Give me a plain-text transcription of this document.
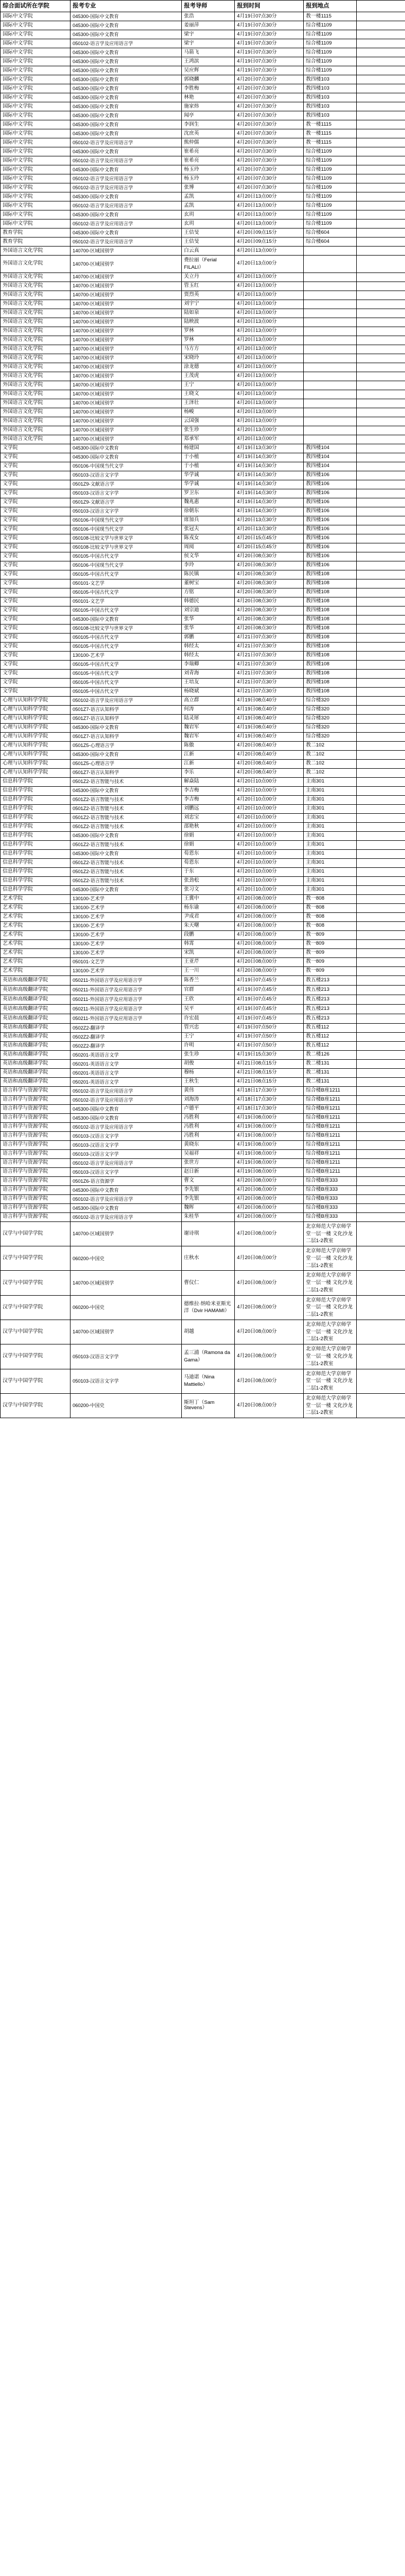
综合面试所在学院	报考专业	报考导师	报到时间	报到地点	
国际中文学院	045300-国际中文教育	张浩	4月19日07点30分	教一楼1115	
国际中文学院	045300-国际中文教育	姜丽萍	4月19日07点30分	综合楼1109	
国际中文学院	045300-国际中文教育	梁宇	4月19日07点30分	综合楼1109	
国际中文学院	050102-语言学及应用语言学	梁宇	4月19日07点30分	综合楼1109	
国际中文学院	045300-国际中文教育	马箭飞	4月19日07点30分	综合楼1109	
国际中文学院	045300-国际中文教育	王鸿滨	4月19日07点30分	综合楼1109	
国际中文学院	045300-国际中文教育	吴应辉	4月19日07点30分	综合楼1109	
国际中文学院	045300-国际中文教育	郭晓麟	4月20日07点30分	教四楼103	
国际中文学院	045300-国际中文教育	李胜梅	4月20日07点30分	教四楼103	
国际中文学院	045300-国际中文教育	林艳	4月20日07点30分	教四楼103	
国际中文学院	045300-国际中文教育	施家炜	4月20日07点30分	教四楼103	
国际中文学院	045300-国际中文教育	闻亭	4月20日07点30分	教四楼103	
国际中文学院	045300-国际中文教育	李润生	4月20日07点30分	教一楼1115	
国际中文学院	045300-国际中文教育	沈庶英	4月20日07点30分	教一楼1115	
国际中文学院	050102-语言学及应用语言学	熊仲儒	4月20日07点30分	教一楼1115	
国际中文学院	045300-国际中文教育	崔希亮	4月20日07点30分	综合楼1109	
国际中文学院	050102-语言学及应用语言学	崔希亮	4月20日07点30分	综合楼1109	
国际中文学院	045300-国际中文教育	杨玉玲	4月20日07点30分	综合楼1109	
国际中文学院	050102-语言学及应用语言学	杨玉玲	4月20日07点30分	综合楼1109	
国际中文学院	050102-语言学及应用语言学	张博	4月20日07点30分	综合楼1109	
国际中文学院	045300-国际中文教育	孟凯	4月20日13点00分	综合楼1109	
国际中文学院	050102-语言学及应用语言学	孟凯	4月20日13点00分	综合楼1109	
国际中文学院	045300-国际中文教育	玄玥	4月20日13点00分	综合楼1109	
国际中文学院	050102-语言学及应用语言学	玄玥	4月20日13点00分	综合楼1109	
教育学院	045300-国际中文教育	王佶旻	4月20日09点15分	综合楼604	
教育学院	050102-语言学及应用语言学	王佶旻	4月20日09点15分	综合楼604	
外国语言文化学院	140700-区域国别学	白云真	4月20日13点00分		
外国语言文化学院	140700-区域国别学	费拉丽（Ferial FILALI）	4月20日13点00分		
外国语言文化学院	140700-区域国别学	关立丹	4月20日13点00分		
外国语言文化学院	140700-区域国别学	管玉红	4月20日13点00分		
外国语言文化学院	140700-区域国别学	贾烈英	4月20日13点00分		
外国语言文化学院	140700-区域国别学	刘宇宁	4月20日13点00分		
外国语言文化学院	140700-区域国别学	陆如泉	4月20日13点00分		
外国语言文化学院	140700-区域国别学	陆映波	4月20日13点00分		
外国语言文化学院	140700-区域国别学	罗林	4月20日13点00分		
外国语言文化学院	140700-区域国别学	罗林	4月20日13点00分		
外国语言文化学院	140700-区域国别学	马方方	4月20日13点00分		
外国语言文化学院	140700-区域国别学	宋晓玲	4月20日13点00分		
外国语言文化学院	140700-区域国别学	涂龙德	4月20日13点00分		
外国语言文化学院	140700-区域国别学	王茂虎	4月20日13点00分		
外国语言文化学院	140700-区域国别学	王宁	4月20日13点00分		
外国语言文化学院	140700-区域国别学	王晓文	4月20日13点00分		
外国语言文化学院	140700-区域国别学	王泽壮	4月20日13点00分		
外国语言文化学院	140700-区域国别学	杨峻	4月20日13点00分		
外国语言文化学院	140700-区域国别学	云国强	4月20日13点00分		
外国语言文化学院	140700-区域国别学	张生珍	4月20日13点00分		
外国语言文化学院	140700-区域国别学	郑承军	4月20日13点00分		
文学院	045300-国际中文教育	杨建国	4月19日13点30分	教四楼104	
文学院	045300-国际中文教育	于小植	4月19日14点30分	教四楼104	
文学院	050106-中国现当代文学	于小植	4月19日14点30分	教四楼104	
文学院	050103-汉语言文字学	华学诚	4月19日14点30分	教四楼106	
文学院	0501Z9-文献语言学	华学诚	4月19日14点30分	教四楼106	
文学院	050103-汉语言文字学	罗卫东	4月19日14点30分	教四楼106	
文学院	0501Z9-文献语言学	魏兆惠	4月19日14点30分	教四楼106	
文学院	050103-汉语言文字学	徐朝东	4月19日14点30分	教四楼106	
文学院	050106-中国现当代文学	席加兵	4月20日13点30分	教四楼106	
文学院	050106-中国现当代文学	张冠夫	4月20日13点30分	教四楼106	
文学院	050108-比较文学与世界文学	陈戎女	4月20日15点45分	教四楼106	
文学院	050108-比较文学与世界文学	周阅	4月20日15点45分	教四楼106	
文学院	050105-中国古代文学	侯文华	4月20日08点30分	教四楼106	
文学院	050106-中国现当代文学	李玲	4月20日08点30分	教四楼106	
文学院	050105-中国古代文学	陈民镇	4月20日08点30分	教四楼108	
文学院	050101-文艺学	董树宝	4月20日08点30分	教四楼108	
文学院	050105-中国古代文学	方铭	4月20日08点30分	教四楼108	
文学院	050101-文艺学	韩德民	4月20日08点30分	教四楼108	
文学院	050105-中国古代文学	刘宗迪	4月20日08点30分	教四楼108	
文学院	045300-国际中文教育	张华	4月20日08点30分	教四楼108	
文学院	050108-比较文学与世界文学	张华	4月20日08点30分	教四楼108	
文学院	050105-中国古代文学	郭鹏	4月21日07点30分	教四楼108	
文学院	050105-中国古代文学	韩经太	4月21日07点30分	教四楼108	
文学院	130100-艺术学	韩经太	4月21日07点30分	教四楼108	
文学院	050105-中国古代文学	李瑞卿	4月21日07点30分	教四楼108	
文学院	050105-中国古代文学	刘青海	4月21日07点30分	教四楼108	
文学院	050105-中国古代文学	王培友	4月21日07点30分	教四楼108	
文学院	050105-中国古代文学	杨晓斌	4月21日07点30分	教四楼108	
心理与认知科学学院	050102-语言学及应用语言学	高立群	4月19日08点40分	综合楼320	
心理与认知科学学院	0501Z7-语言认知科学	何涛	4月19日08点40分	综合楼320	
心理与认知科学学院	0501Z7-语言认知科学	陆灵犀	4月19日08点40分	综合楼320	
心理与认知科学学院	045300-国际中文教育	魏岩军	4月19日08点40分	综合楼320	
心理与认知科学学院	0501Z7-语言认知科学	魏岩军	4月19日08点40分	综合楼320	
心理与认知科学学院	0501Z5-心理语言学	陈傲	4月20日08点40分	教二102	
心理与认知科学学院	045300-国际中文教育	江新	4月20日08点40分	教二102	
心理与认知科学学院	0501Z5-心理语言学	江新	4月20日08点40分	教二102	
心理与认知科学学院	0501Z7-语言认知科学	李乐	4月20日08点40分	教二102	
信息科学学院	0501Z2-语言智能与技术	解焱陆	4月20日10点00分	主南301	
信息科学学院	045300-国际中文教育	李吉梅	4月20日10点00分	主南301	
信息科学学院	0501Z2-语言智能与技术	李吉梅	4月20日10点00分	主南301	
信息科学学院	0501Z2-语言智能与技术	刘鹏远	4月20日10点00分	主南301	
信息科学学院	0501Z2-语言智能与技术	刘忠宝	4月20日10点00分	主南301	
信息科学学院	0501Z2-语言智能与技术	邵艳秋	4月20日10点00分	主南301	
信息科学学院	045300-国际中文教育	徐娟	4月20日10点00分	主南301	
信息科学学院	0501Z2-语言智能与技术	徐娟	4月20日10点00分	主南301	
信息科学学院	045300-国际中文教育	荀恩东	4月20日10点00分	主南301	
信息科学学院	0501Z2-语言智能与技术	荀恩东	4月20日10点00分	主南301	
信息科学学院	0501Z2-语言智能与技术	于东	4月20日10点00分	主南301	
信息科学学院	0501Z2-语言智能与技术	张劲松	4月20日10点00分	主南301	
信息科学学院	045300-国际中文教育	张习文	4月20日10点00分	主南301	
艺术学院	130100-艺术学	王冀中	4月20日08点00分	教一808	
艺术学院	130100-艺术学	杨东谕	4月20日08点00分	教一808	
艺术学院	130100-艺术学	尹成君	4月20日08点00分	教一808	
艺术学院	130100-艺术学	朱天曙	4月20日08点00分	教一808	
艺术学院	130100-艺术学	段鹏	4月20日08点00分	教一809	
艺术学院	130100-艺术学	韩霄	4月20日08点00分	教一809	
艺术学院	130100-艺术学	宋凯	4月20日08点00分	教一809	
艺术学院	050101-文艺学	王亚芹	4月20日08点00分	教一809	
艺术学院	130100-艺术学	王一川	4月20日08点00分	教一809	
英语和高级翻译学院	050211-外国语言学及应用语言学	陈香兰	4月19日07点45分	教五楼213	
英语和高级翻译学院	050211-外国语言学及应用语言学	官群	4月19日07点45分	教五楼213	
英语和高级翻译学院	050211-外国语言学及应用语言学	王欣	4月19日07点45分	教五楼213	
英语和高级翻译学院	050211-外国语言学及应用语言学	吴平	4月19日07点45分	教五楼213	
英语和高级翻译学院	050211-外国语言学及应用语言学	许宏晨	4月19日07点45分	教五楼213	
英语和高级翻译学院	0502Z2-翻译学	管兴忠	4月19日07点50分	教五楼112	
英语和高级翻译学院	0502Z2-翻译学	王宁	4月19日07点50分	教五楼112	
英语和高级翻译学院	0502Z2-翻译学	许明	4月19日07点50分	教五楼112	
英语和高级翻译学院	050201-英语语言文学	张生珍	4月19日15点30分	教二楼126	
英语和高级翻译学院	050201-英语语言文学	胡俊	4月21日08点15分	教二楼131	
英语和高级翻译学院	050201-英语语言文学	穆杨	4月21日08点15分	教二楼131	
英语和高级翻译学院	050201-英语语言文学	王秋生	4月21日08点15分	教二楼131	
语言科学与资源学院	050102-语言学及应用语言学	黄伟	4月18日17点30分	综合楼B座1211	
语言科学与资源学院	050102-语言学及应用语言学	刘海涛	4月18日17点30分	综合楼B座1211	
语言科学与资源学院	045300-国际中文教育	卢德平	4月18日17点30分	综合楼B座1211	
语言科学与资源学院	045300-国际中文教育	冯胜利	4月19日08点00分	综合楼B座1211	
语言科学与资源学院	050102-语言学及应用语言学	冯胜利	4月19日08点00分	综合楼B座1211	
语言科学与资源学院	050103-汉语言文字学	冯胜利	4月19日08点00分	综合楼B座1211	
语言科学与资源学院	050103-汉语言文字学	黄晓东	4月19日08点00分	综合楼B座1211	
语言科学与资源学院	050103-汉语言文字学	吴福祥	4月19日08点00分	综合楼B座1211	
语言科学与资源学院	050102-语言学及应用语言学	张世方	4月19日08点00分	综合楼B座1211	
语言科学与资源学院	050103-汉语言文字学	赵日新	4月19日08点00分	综合楼B座1211	
语言科学与资源学院	0501Z6-语言资源学	曹文	4月20日08点00分	综合楼B座333	
语言科学与资源学院	045300-国际中文教育	李先银	4月20日08点00分	综合楼B座333	
语言科学与资源学院	050102-语言学及应用语言学	李先银	4月20日08点00分	综合楼B座333	
语言科学与资源学院	045300-国际中文教育	魏晖	4月20日08点00分	综合楼B座333	
语言科学与资源学院	050102-语言学及应用语言学	朱桂华	4月20日08点00分	综合楼B座333	
汉学与中国学学院	140700-区域国别学	谢诗琪	4月20日08点00分	北京师范大学京师学堂一层一楼 文化沙龙 二层1-2教室	
汉学与中国学学院	060200-中国史	庄秋水	4月20日08点00分	北京师范大学京师学堂一层一楼 文化沙龙 二层1-2教室	
汉学与中国学学院	140700-区域国别学	曹仪仁	4月20日08点00分	北京师范大学京师学堂一层一楼 文化沙龙 二层1-2教室	
汉学与中国学学院	060200-中国史	德维拉·纳哈米亚斯光洋（Dvir HAMAMI）	4月20日08点00分	北京师范大学京师学堂一层一楼 文化沙龙 二层1-2教室	
汉学与中国学学院	140700-区域国别学	胡越	4月20日08点00分	北京师范大学京师学堂一层一楼 文化沙龙 二层1-2教室	
汉学与中国学学院	050103-汉语言文字学	孟三浦（Ramona da Gama）	4月20日08点00分	北京师范大学京师学堂一层一楼 文化沙龙 二层1-2教室	
汉学与中国学学院	050103-汉语言文字学	马迪诺（Nina Mattiello）	4月20日08点00分	北京师范大学京师学堂一层一楼 文化沙龙 二层1-2教室	
汉学与中国学学院	060200-中国史	斯坦丁（Sam Stevens）	4月20日08点00分	北京师范大学京师学堂一层一楼 文化沙龙 二层1-2教室	
